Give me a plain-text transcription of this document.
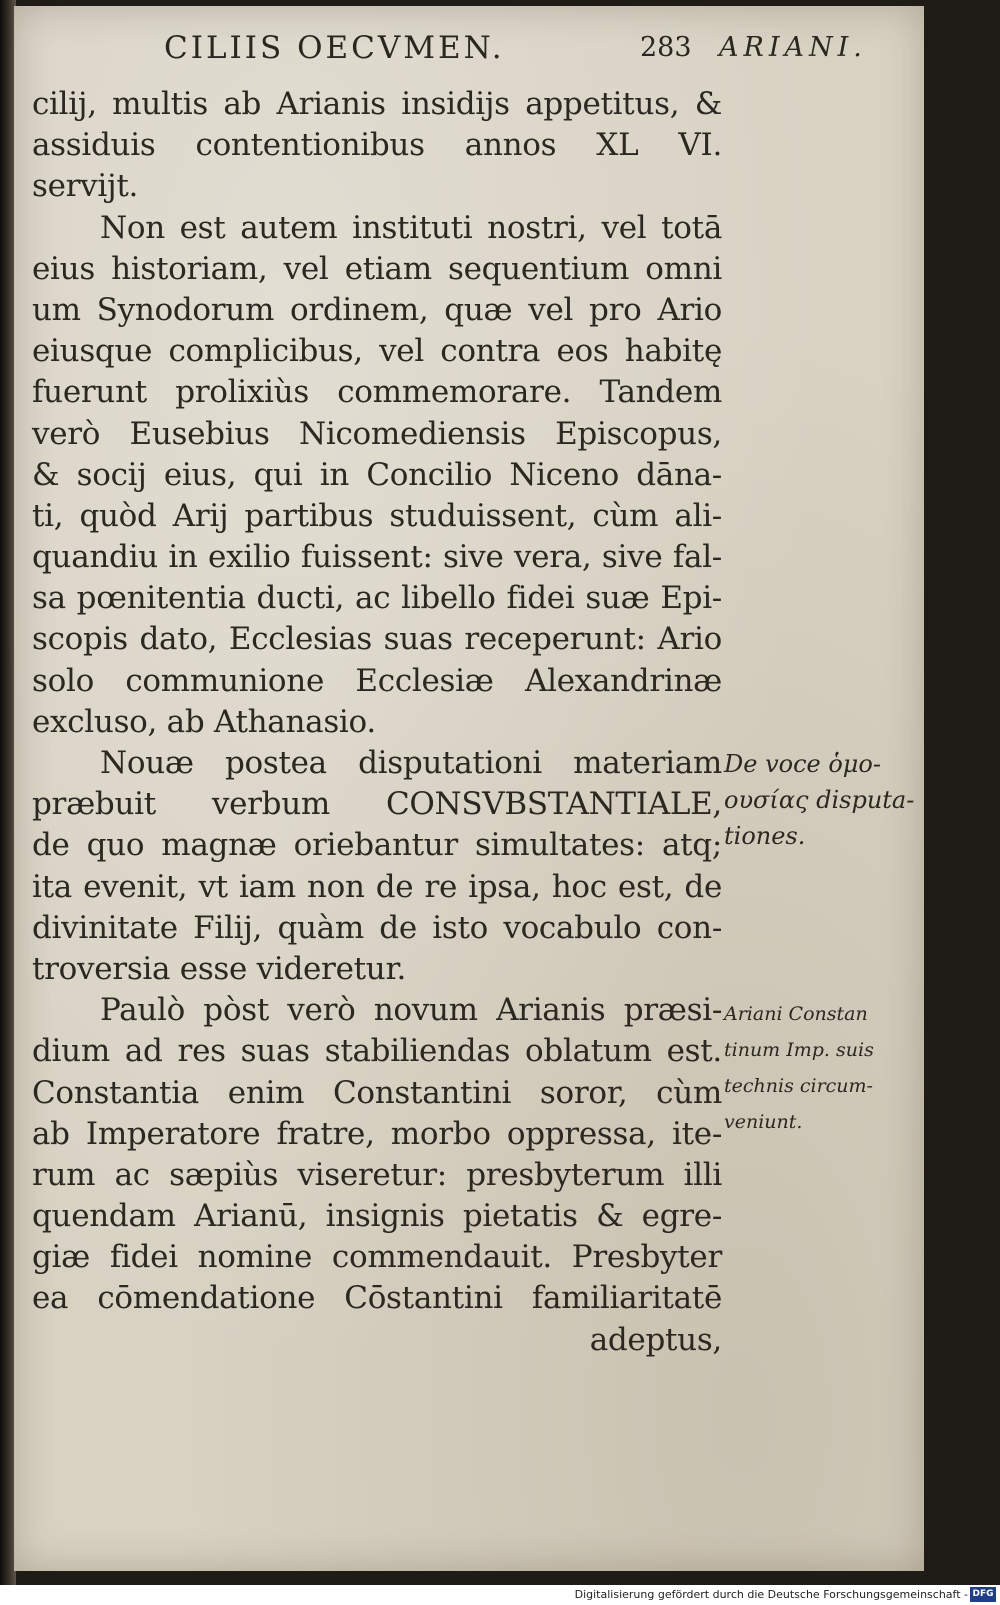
CILIIS OECVMEN.	283 ARIANI.
cilij, multis ab Arianis insidijs appetitus, &
assiduis contentionibus annos XL VI.
servijt.
Non est autem instituti nostri, vel totā
eius historiam, vel etiam sequentium omni
um Synodorum ordinem, quæ vel pro Ario
eiusque complicibus, vel contra eos habitę
fuerunt prolixiùs commemorare. Tandem
verò Eusebius Nicomediensis Episcopus,
& socij eius, qui in Concilio Niceno dāna-
ti, quòd Arij partibus studuissent, cùm ali-
quandiu in exilio fuissent: sive vera, sive fal-
sa pœnitentia ducti, ac libello fidei suæ Epi-
scopis dato, Ecclesias suas receperunt: Ario
solo communione Ecclesiæ Alexandrinæ
excluso, ab Athanasio.
Nouæ postea disputationi materiam
præbuit verbum CONSVBSTANTIALE,
de quo magnæ oriebantur simultates: atq;
ita evenit, vt iam non de re ipsa, hoc est, de
divinitate Filij, quàm de isto vocabulo con-
troversia esse videretur.
Paulò pòst verò novum Arianis præsi-
dium ad res suas stabiliendas oblatum est.
Constantia enim Constantini soror, cùm
ab Imperatore fratre, morbo oppressa, ite-
rum ac sæpiùs viseretur: presbyterum illi
quendam Arianū, insignis pietatis & egre-
giæ fidei nomine commendauit. Presbyter
ea cōmendatione Cōstantini familiaritatē
adeptus,
De voce ὁμο-
ουσίας disputa-
tiones.
Ariani Constan
tinum Imp. suis
technis circum-
veniunt.
Digitalisierung gefördert durch die Deutsche Forschungsgemeinschaft - DFG
